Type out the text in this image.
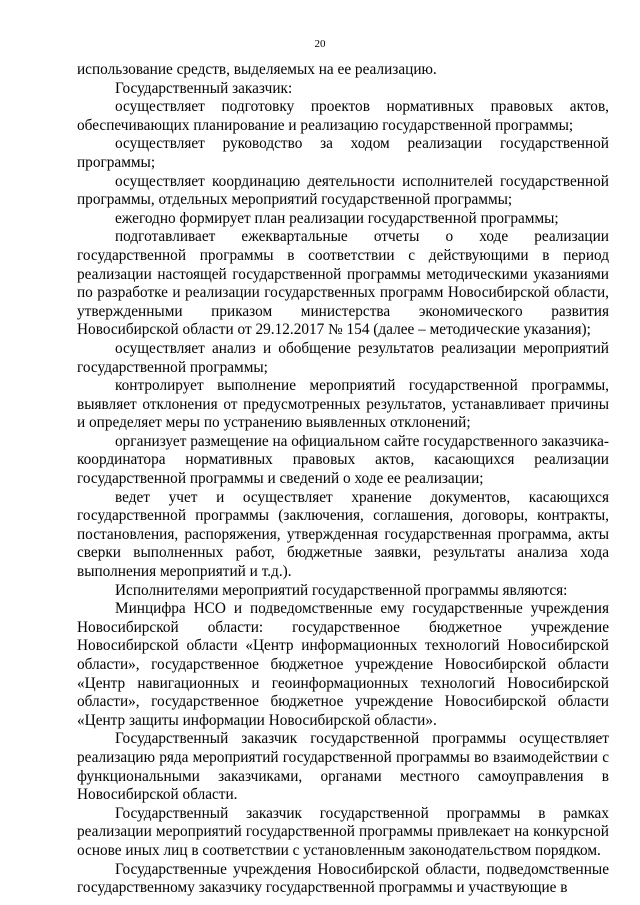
20

использование средств, выделяемых на ее реализацию.

Государственный заказчик:

осуществляет подготовку проектов нормативных правовых актов, обеспечивающих планирование и реализацию государственной программы;

осуществляет руководство за ходом реализации государственной программы;

осуществляет координацию деятельности исполнителей государственной программы, отдельных мероприятий государственной программы;

ежегодно формирует план реализации государственной программы;

подготавливает ежеквартальные отчеты о ходе реализации государственной программы в соответствии с действующими в период реализации настоящей государственной программы методическими указаниями по разработке и реализации государственных программ Новосибирской области, утвержденными приказом министерства экономического развития Новосибирской области от 29.12.2017 № 154 (далее – методические указания);

осуществляет анализ и обобщение результатов реализации мероприятий государственной программы;

контролирует выполнение мероприятий государственной программы, выявляет отклонения от предусмотренных результатов, устанавливает причины и определяет меры по устранению выявленных отклонений;

организует размещение на официальном сайте государственного заказчика-координатора нормативных правовых актов, касающихся реализации государственной программы и сведений о ходе ее реализации;

ведет учет и осуществляет хранение документов, касающихся государственной программы (заключения, соглашения, договоры, контракты, постановления, распоряжения, утвержденная государственная программа, акты сверки выполненных работ, бюджетные заявки, результаты анализа хода выполнения мероприятий и т.д.).

Исполнителями мероприятий государственной программы являются:

Минцифра НСО и подведомственные ему государственные учреждения Новосибирской области: государственное бюджетное учреждение Новосибирской области «Центр информационных технологий Новосибирской области», государственное бюджетное учреждение Новосибирской области «Центр навигационных и геоинформационных технологий Новосибирской области», государственное бюджетное учреждение Новосибирской области «Центр защиты информации Новосибирской области».

Государственный заказчик государственной программы осуществляет реализацию ряда мероприятий государственной программы во взаимодействии с функциональными заказчиками, органами местного самоуправления в Новосибирской области.

Государственный заказчик государственной программы в рамках реализации мероприятий государственной программы привлекает на конкурсной основе иных лиц в соответствии с установленным законодательством порядком.

Государственные учреждения Новосибирской области, подведомственные государственному заказчику государственной программы и участвующие в
